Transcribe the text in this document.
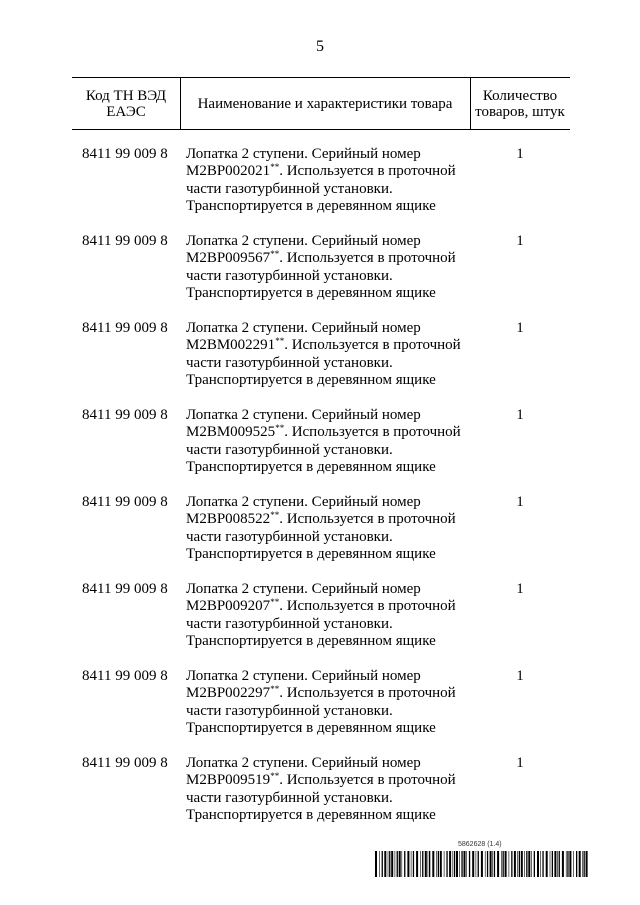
5
Код ТН ВЭД ЕАЭС	Наименование и характеристики товара	Количество товаров, штук
8411 99 009 8 Лопатка 2 ступени. Серийный номер M2BP002021**. Используется в проточной части газотурбинной установки. Транспортируется в деревянном ящике
1
8411 99 009 8 Лопатка 2 ступени. Серийный номер M2BP009567**. Используется в проточной части газотурбинной установки. Транспортируется в деревянном ящике
1
8411 99 009 8 Лопатка 2 ступени. Серийный номер M2BM002291**. Используется в проточной части газотурбинной установки. Транспортируется в деревянном ящике
1
8411 99 009 8 Лопатка 2 ступени. Серийный номер M2BM009525**. Используется в проточной части газотурбинной установки. Транспортируется в деревянном ящике
1
8411 99 009 8 Лопатка 2 ступени. Серийный номер M2BP008522**. Используется в проточной части газотурбинной установки. Транспортируется в деревянном ящике
1
8411 99 009 8 Лопатка 2 ступени. Серийный номер M2BP009207**. Используется в проточной части газотурбинной установки. Транспортируется в деревянном ящике
1
8411 99 009 8 Лопатка 2 ступени. Серийный номер M2BP002297**. Используется в проточной части газотурбинной установки. Транспортируется в деревянном ящике
1
8411 99 009 8 Лопатка 2 ступени. Серийный номер M2BP009519**. Используется в проточной части газотурбинной установки. Транспортируется в деревянном ящике
1
5862628 (1.4)
